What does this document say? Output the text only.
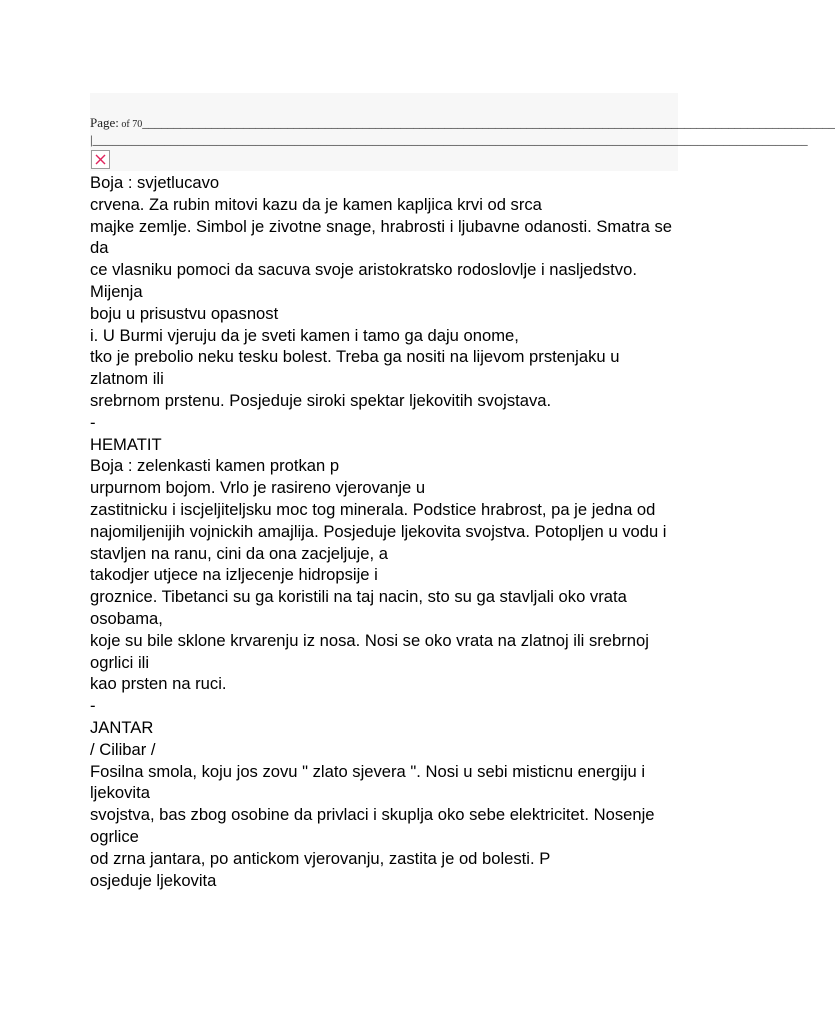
Page: of 70______________________________________________________________________________________________________________
|______________________________________________________________________________________________________________

Boja : svjetlucavo

crvena. Za rubin mitovi kazu da je kamen kapljica krvi od srca

majke zemlje. Simbol je zivotne snage, hrabrosti i ljubavne odanosti. Smatra se da

ce vlasniku pomoci da sacuva svoje aristokratsko rodoslovlje i nasljedstvo. Mijenja

boju u prisustvu opasnost

i. U Burmi vjeruju da je sveti kamen i tamo ga daju onome,

tko je prebolio neku tesku bolest. Treba ga nositi na lijevom prstenjaku u zlatnom ili

srebrnom prstenu. Posjeduje siroki spektar ljekovitih svojstava.

-

HEMATIT

Boja : zelenkasti kamen protkan p

urpurnom bojom. Vrlo je rasireno vjerovanje u

zastitnicku i iscjeljiteljsku moc tog minerala. Podstice hrabrost, pa je jedna od

najomiljenijih vojnickih amajlija. Posjeduje ljekovita svojstva. Potopljen u vodu i

stavljen na ranu, cini da ona zacjeljuje, a

takodjer utjece na izljecenje hidropsije i

groznice. Tibetanci su ga koristili na taj nacin, sto su ga stavljali oko vrata osobama,

koje su bile sklone krvarenju iz nosa. Nosi se oko vrata na zlatnoj ili srebrnoj ogrlici ili

kao prsten na ruci.

-

JANTAR

/ Cilibar /

Fosilna smola, koju jos zovu " zlato sjevera ". Nosi u sebi misticnu energiju i ljekovita

svojstva, bas zbog osobine da privlaci i skuplja oko sebe elektricitet. Nosenje ogrlice

od zrna jantara, po antickom vjerovanju, zastita je od bolesti. P

osjeduje ljekovita
